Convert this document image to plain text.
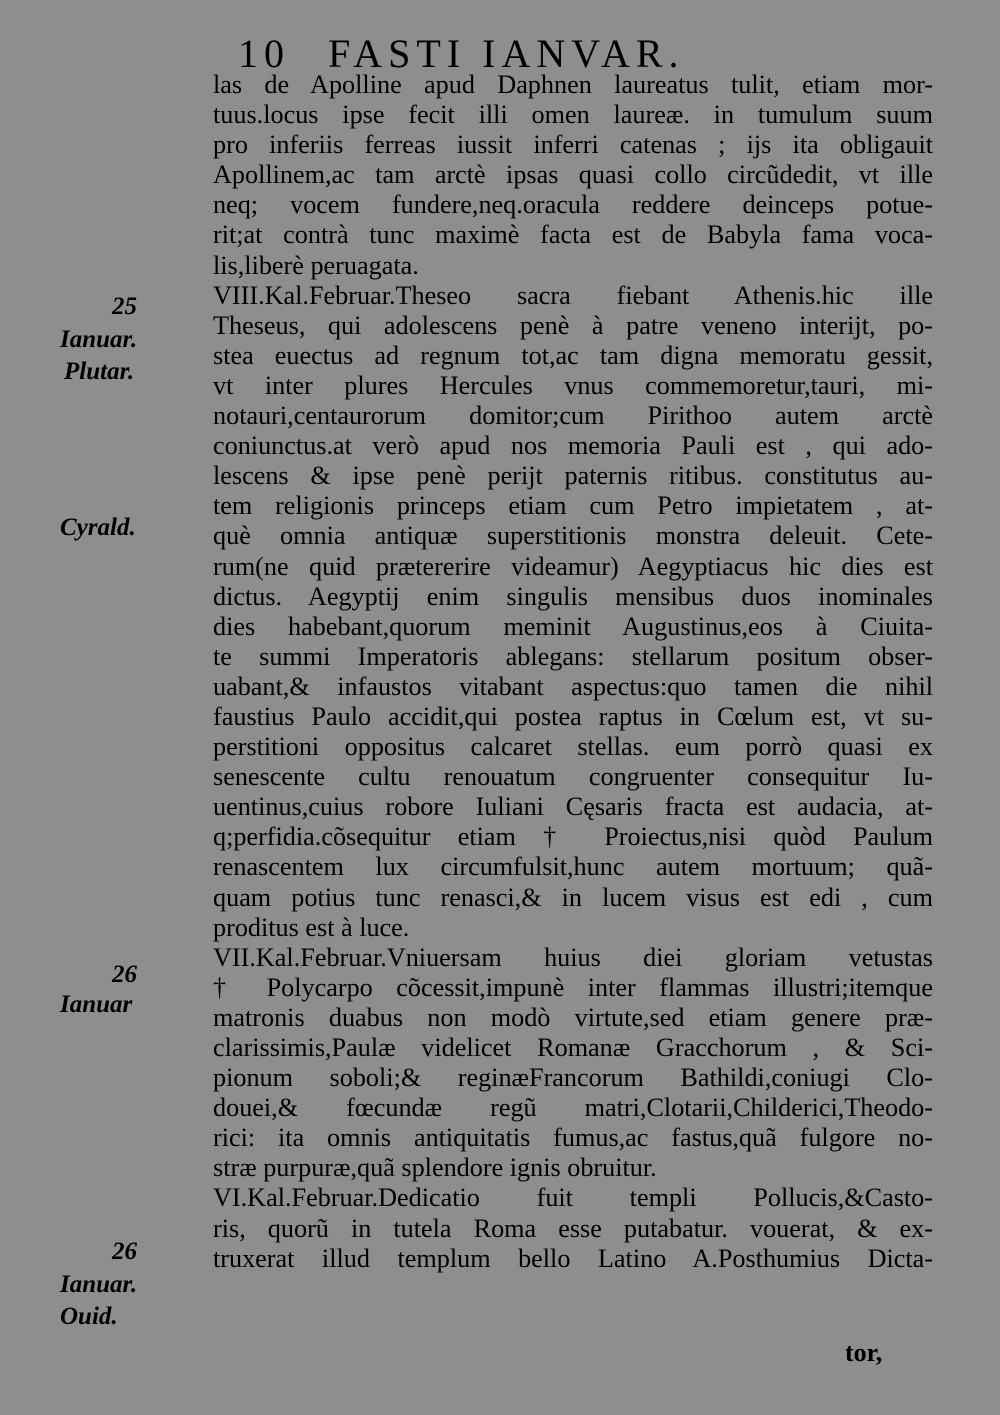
10 FASTI IANVAR.
25
Ianuar.
Plutar.
Cyrald.
26
Ianuar
26
Ianuar.
Ouid.
las de Apolline apud Daphnen laureatus tulit, etiam mor-
tuus.locus ipse fecit illi omen laureæ. in tumulum suum
pro inferiis ferreas iussit inferri catenas ; ijs ita obligauit
Apollinem,ac tam arctè ipsas quasi collo circũdedit, vt ille
neq; vocem fundere,neq.oracula reddere deinceps potue-
rit;at contrà tunc maximè facta est de Babyla fama voca-
lis,liberè peruagata.
VIII.Kal.Februar.Theseo sacra fiebant Athenis.hic ille
Theseus, qui adolescens penè à patre veneno interijt, po-
stea euectus ad regnum tot,ac tam digna memoratu gessit,
vt inter plures Hercules vnus commemoretur,tauri, mi-
notauri,centaurorum domitor;cum Pirithoo autem arctè
coniunctus.at verò apud nos memoria Pauli est , qui ado-
lescens & ipse penè perijt paternis ritibus. constitutus au-
tem religionis princeps etiam cum Petro impietatem , at-
què omnia antiquæ superstitionis monstra deleuit. Cete-
rum(ne quid prætererire videamur) Aegyptiacus hic dies est
dictus. Aegyptij enim singulis mensibus duos inominales
dies habebant,quorum meminit Augustinus,eos à Ciuita-
te summi Imperatoris ablegans: stellarum positum obser-
uabant,& infaustos vitabant aspectus:quo tamen die nihil
faustius Paulo accidit,qui postea raptus in Cœlum est, vt su-
perstitioni oppositus calcaret stellas. eum porrò quasi ex
senescente cultu renouatum congruenter consequitur Iu-
uentinus,cuius robore Iuliani Cęsaris fracta est audacia, at-
q;perfidia.cõsequitur etiam † Proiectus,nisi quòd Paulum
renascentem lux circumfulsit,hunc autem mortuum; quã-
quam potius tunc renasci,& in lucem visus est edi , cum
proditus est à luce.
VII.Kal.Februar.Vniuersam huius diei gloriam vetustas
† Polycarpo cõcessit,impunè inter flammas illustri;itemque
matronis duabus non modò virtute,sed etiam genere præ-
clarissimis,Paulæ videlicet Romanæ Gracchorum , & Sci-
pionum soboli;& reginæFrancorum Bathildi,coniugi Clo-
douei,& fœcundæ regũ matri,Clotarii,Childerici,Theodo-
rici: ita omnis antiquitatis fumus,ac fastus,quã fulgore no-
stræ purpuræ,quã splendore ignis obruitur.
VI.Kal.Februar.Dedicatio fuit templi Pollucis,&Casto-
ris, quorũ in tutela Roma esse putabatur. vouerat, & ex-
truxerat illud templum bello Latino A.Posthumius Dicta-
tor,
